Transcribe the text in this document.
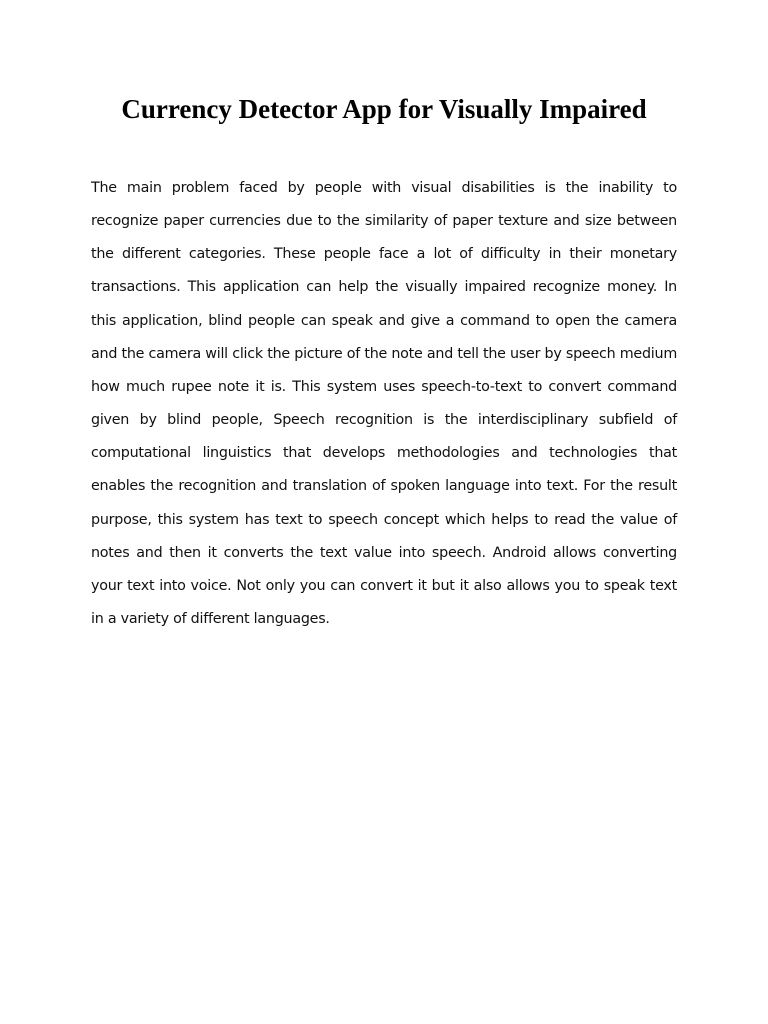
Currency Detector App for Visually Impaired

The main problem faced by people with visual disabilities is the inability to recognize paper currencies due to the similarity of paper texture and size between the different categories. These people face a lot of difficulty in their monetary transactions. This application can help the visually impaired recognize money. In this application, blind people can speak and give a command to open the camera and the camera will click the picture of the note and tell the user by speech medium how much rupee note it is. This system uses speech-to-text to convert command given by blind people, Speech recognition is the interdisciplinary subfield of computational linguistics that develops methodologies and technologies that enables the recognition and translation of spoken language into text. For the result purpose, this system has text to speech concept which helps to read the value of notes and then it converts the text value into speech. Android allows converting your text into voice. Not only you can convert it but it also allows you to speak text in a variety of different languages.
